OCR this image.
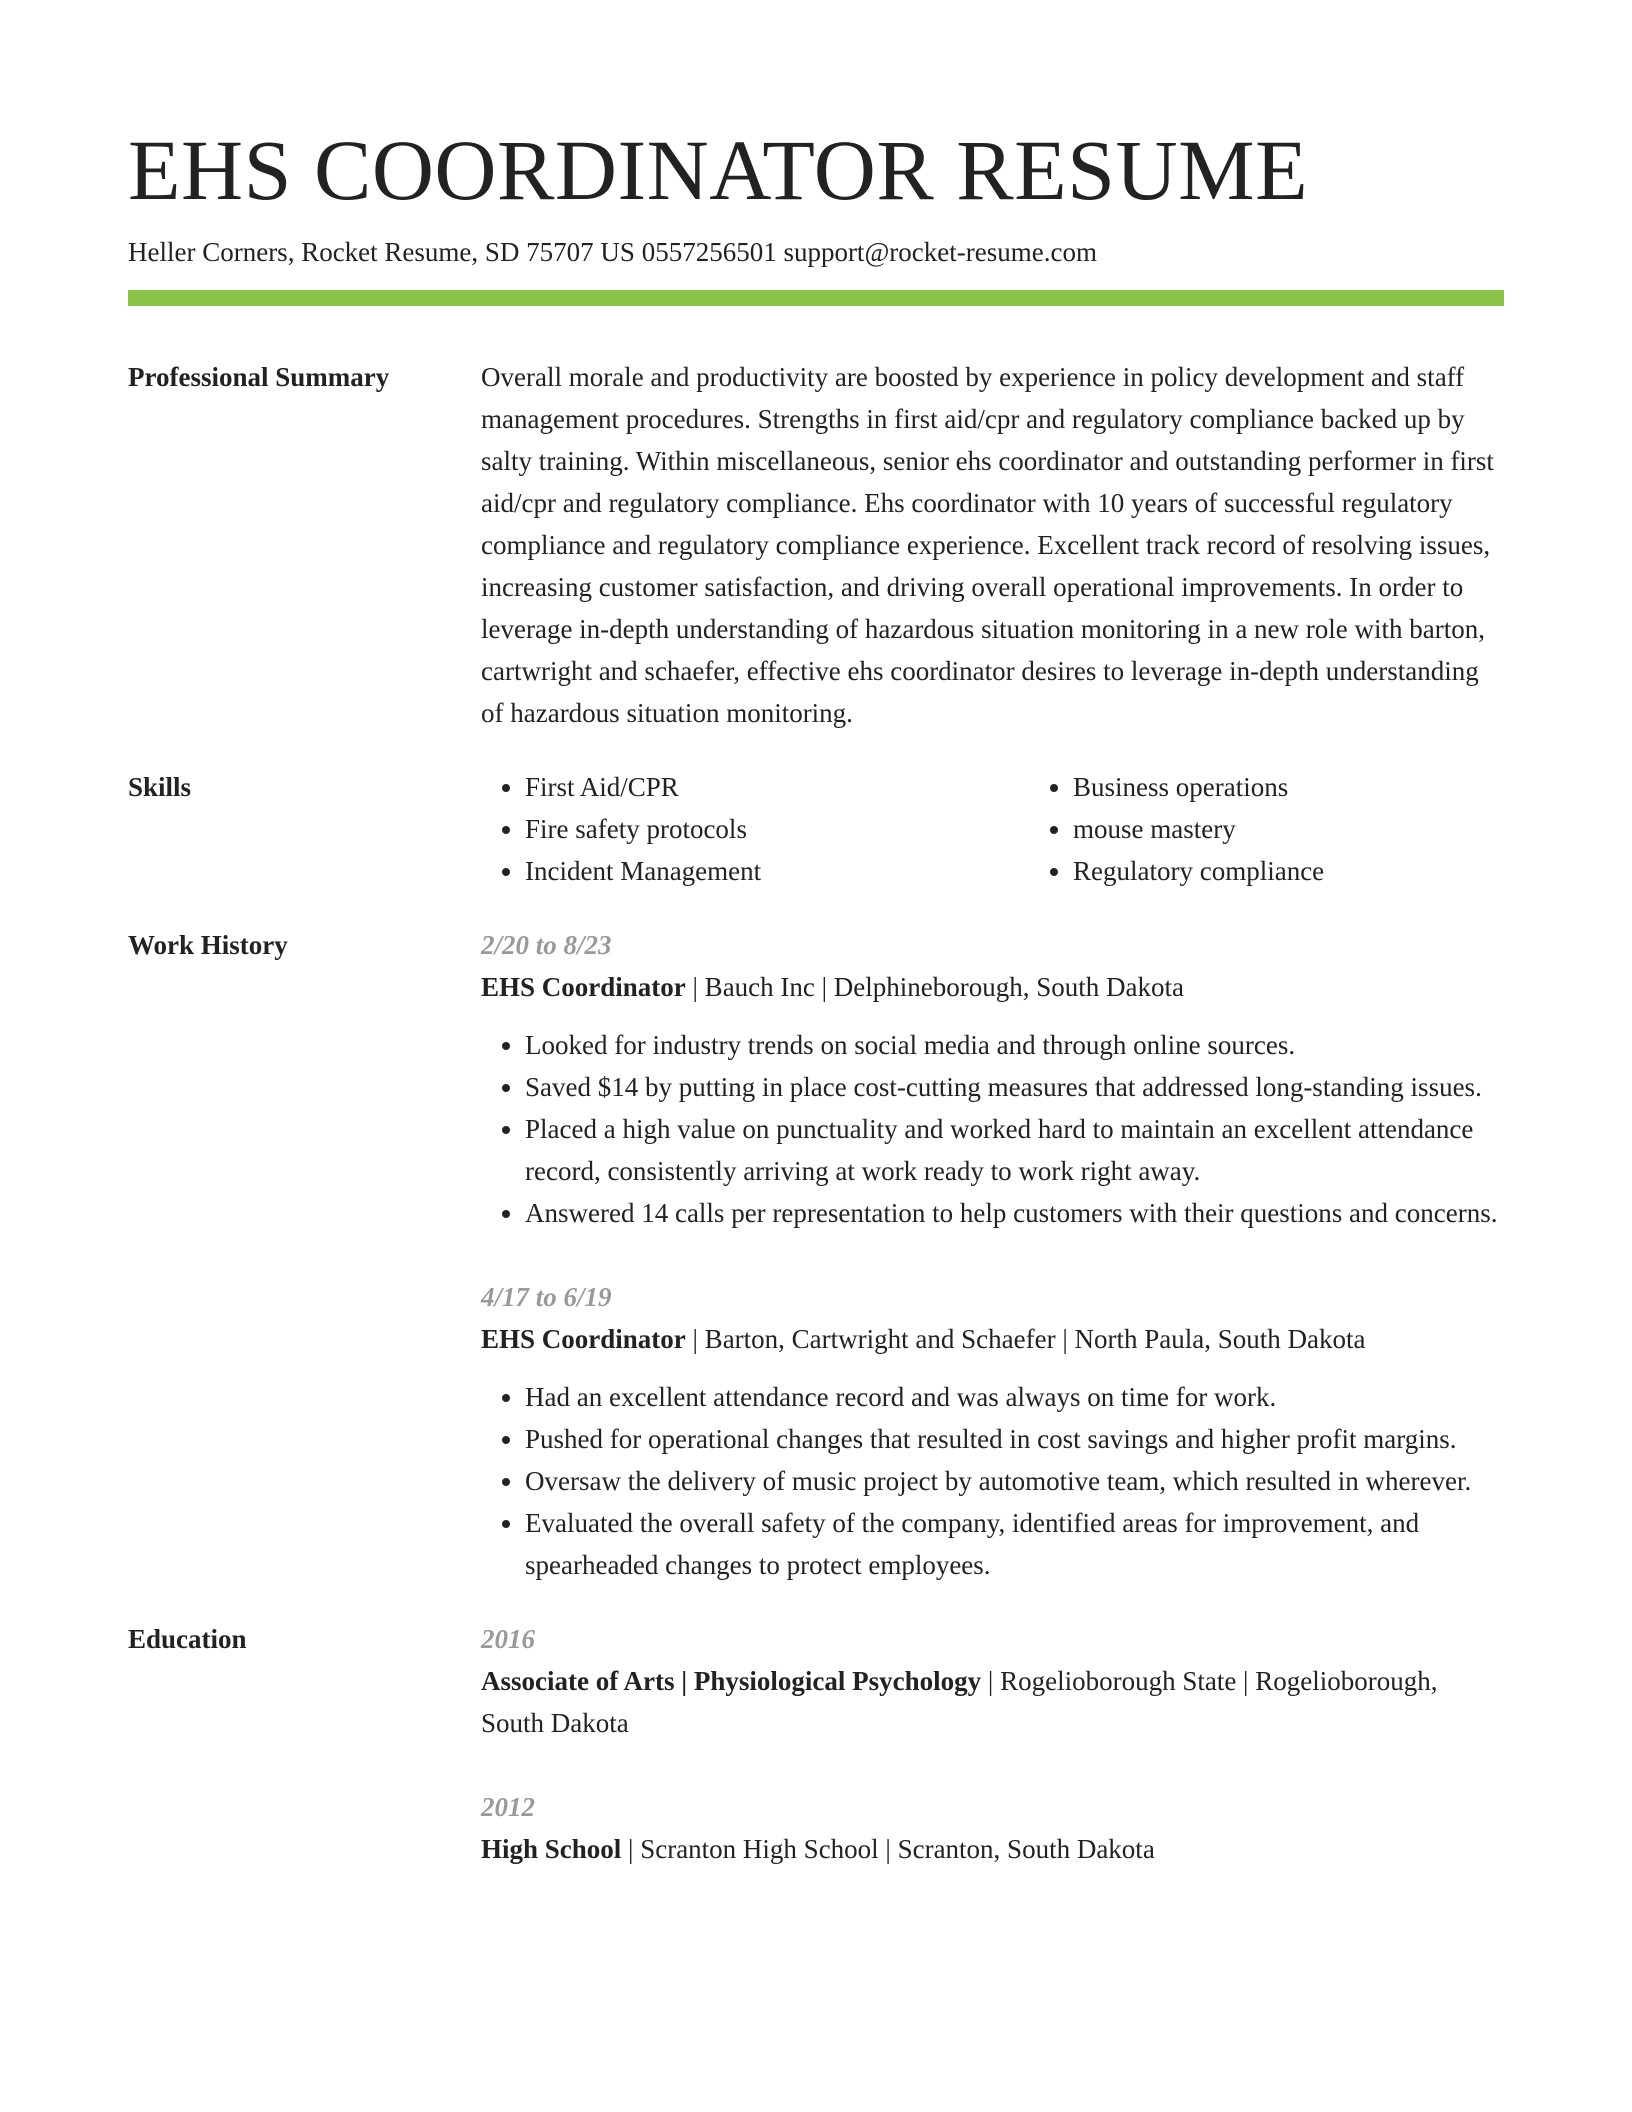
EHS COORDINATOR RESUME
Heller Corners, Rocket Resume, SD 75707 US 0557256501 support@rocket-resume.com
Professional Summary	Overall morale and productivity are boosted by experience in policy development and staff management procedures. Strengths in first aid/cpr and regulatory compliance backed up by salty training. Within miscellaneous, senior ehs coordinator and outstanding performer in first aid/cpr and regulatory compliance. Ehs coordinator with 10 years of successful regulatory compliance and regulatory compliance experience. Excellent track record of resolving issues, increasing customer satisfaction, and driving overall operational improvements. In order to leverage in-depth understanding of hazardous situation monitoring in a new role with barton, cartwright and schaefer, effective ehs coordinator desires to leverage in-depth understanding of hazardous situation monitoring.
Skills
•	First Aid/CPR
• Fire safety protocols
• Incident Management
• Business operations
• mouse mastery
• Regulatory compliance
Work History	2/20 to 8/23
EHS Coordinator | Bauch Inc | Delphineborough, South Dakota
• Looked for industry trends on social media and through online sources.
• Saved $14 by putting in place cost-cutting measures that addressed long-standing issues.
• Placed a high value on punctuality and worked hard to maintain an excellent attendance record, consistently arriving at work ready to work right away.
• Answered 14 calls per representation to help customers with their questions and concerns.
4/17 to 6/19
EHS Coordinator | Barton, Cartwright and Schaefer | North Paula, South Dakota
• Had an excellent attendance record and was always on time for work.
• Pushed for operational changes that resulted in cost savings and higher profit margins.
• Oversaw the delivery of music project by automotive team, which resulted in wherever.
• Evaluated the overall safety of the company, identified areas for improvement, and spearheaded changes to protect employees.
Education	2016
Associate of Arts | Physiological Psychology | Rogelioborough State | Rogelioborough, South Dakota
2012
High School | Scranton High School | Scranton, South Dakota
